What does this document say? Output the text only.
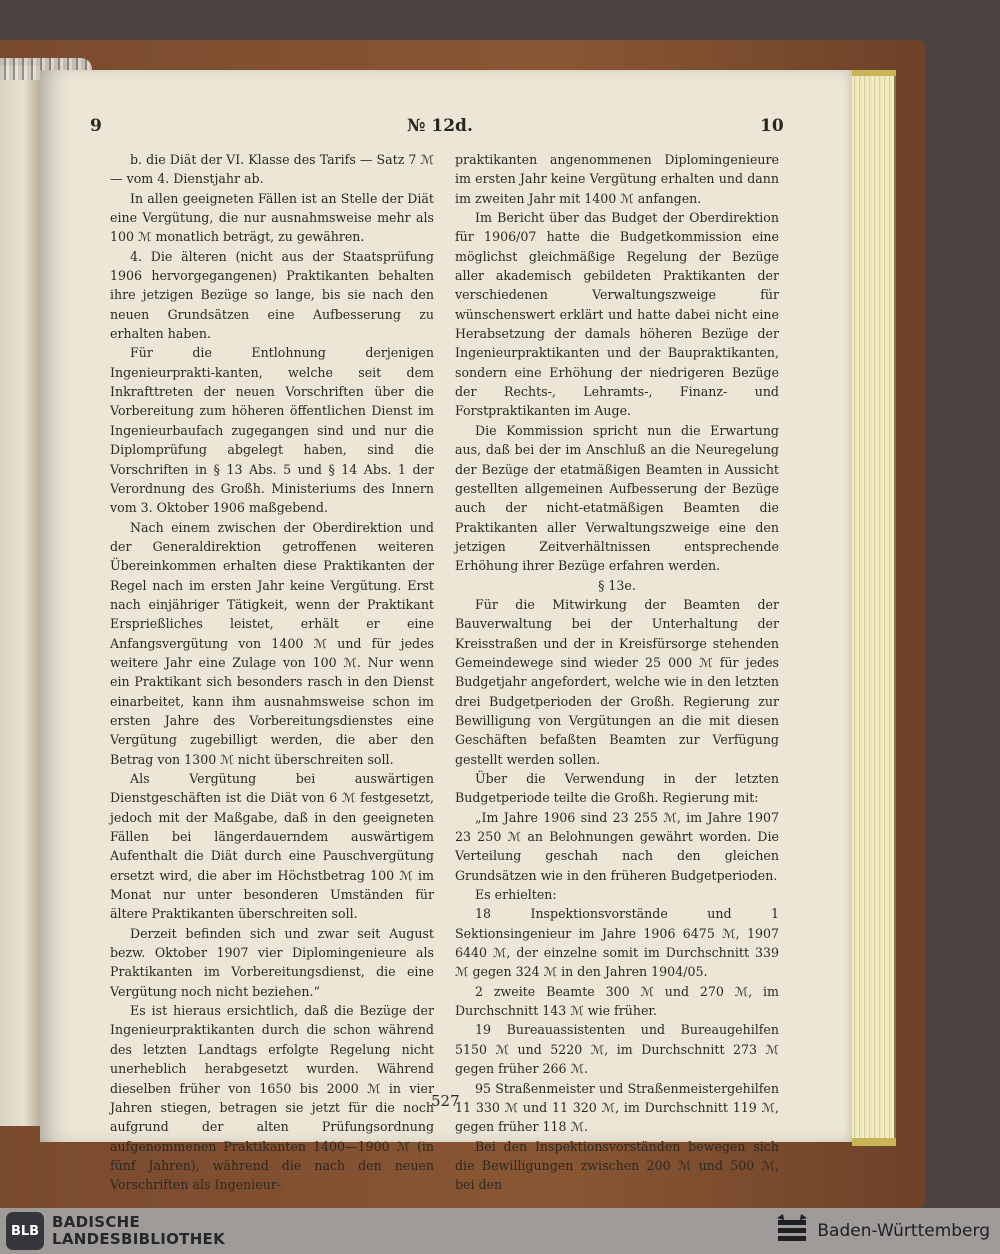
9	№ 12d.	10

b. die Diät der VI. Klasse des Tarifs — Satz 7 ℳ — vom 4. Dienstjahr ab.

In allen geeigneten Fällen ist an Stelle der Diät eine Vergütung, die nur ausnahmsweise mehr als 100 ℳ monatlich beträgt, zu gewähren.

4. Die älteren (nicht aus der Staatsprüfung 1906 hervorgegangenen) Praktikanten behalten ihre jetzigen Bezüge so lange, bis sie nach den neuen Grundsätzen eine Aufbesserung zu erhalten haben.

Für die Entlohnung derjenigen Ingenieurprakti-kanten, welche seit dem Inkrafttreten der neuen Vorschriften über die Vorbereitung zum höheren öffentlichen Dienst im Ingenieurbaufach zugegangen sind und nur die Diplomprüfung abgelegt haben, sind die Vorschriften in § 13 Abs. 5 und § 14 Abs. 1 der Verordnung des Großh. Ministeriums des Innern vom 3. Oktober 1906 maßgebend.

Nach einem zwischen der Oberdirektion und der Generaldirektion getroffenen weiteren Übereinkommen erhalten diese Praktikanten der Regel nach im ersten Jahr keine Vergütung. Erst nach einjähriger Tätigkeit, wenn der Praktikant Ersprießliches leistet, erhält er eine Anfangsvergütung von 1400 ℳ und für jedes weitere Jahr eine Zulage von 100 ℳ. Nur wenn ein Praktikant sich besonders rasch in den Dienst einarbeitet, kann ihm ausnahmsweise schon im ersten Jahre des Vorbereitungsdienstes eine Vergütung zugebilligt werden, die aber den Betrag von 1300 ℳ nicht überschreiten soll.

Als Vergütung bei auswärtigen Dienstgeschäften ist die Diät von 6 ℳ festgesetzt, jedoch mit der Maßgabe, daß in den geeigneten Fällen bei längerdauerndem auswärtigem Aufenthalt die Diät durch eine Pauschvergütung ersetzt wird, die aber im Höchstbetrag 100 ℳ im Monat nur unter besonderen Umständen für ältere Praktikanten überschreiten soll.

Derzeit befinden sich und zwar seit August bezw. Oktober 1907 vier Diplomingenieure als Praktikanten im Vorbereitungsdienst, die eine Vergütung noch nicht beziehen.“

Es ist hieraus ersichtlich, daß die Bezüge der Ingenieurpraktikanten durch die schon während des letzten Landtags erfolgte Regelung nicht unerheblich herabgesetzt wurden. Während dieselben früher von 1650 bis 2000 ℳ in vier Jahren stiegen, betragen sie jetzt für die noch aufgrund der alten Prüfungsordnung aufgenommenen Praktikanten 1400—1900 ℳ (in fünf Jahren), während die nach den neuen Vorschriften als Ingenieur-

praktikanten angenommenen Diplomingenieure im ersten Jahr keine Vergütung erhalten und dann im zweiten Jahr mit 1400 ℳ anfangen.

Im Bericht über das Budget der Oberdirektion für 1906/07 hatte die Budgetkommission eine möglichst gleichmäßige Regelung der Bezüge aller akademisch gebildeten Praktikanten der verschiedenen Verwaltungszweige für wünschenswert erklärt und hatte dabei nicht eine Herabsetzung der damals höheren Bezüge der Ingenieurpraktikanten und der Baupraktikanten, sondern eine Erhöhung der niedrigeren Bezüge der Rechts-, Lehramts-, Finanz- und Forstpraktikanten im Auge.

Die Kommission spricht nun die Erwartung aus, daß bei der im Anschluß an die Neuregelung der Bezüge der etatmäßigen Beamten in Aussicht gestellten allgemeinen Aufbesserung der Bezüge auch der nicht-etatmäßigen Beamten die Praktikanten aller Verwaltungszweige eine den jetzigen Zeitverhältnissen entsprechende Erhöhung ihrer Bezüge erfahren werden.

§ 13e.

Für die Mitwirkung der Beamten der Bauverwaltung bei der Unterhaltung der Kreisstraßen und der in Kreisfürsorge stehenden Gemeindewege sind wieder 25 000 ℳ für jedes Budgetjahr angefordert, welche wie in den letzten drei Budgetperioden der Großh. Regierung zur Bewilligung von Vergütungen an die mit diesen Geschäften befaßten Beamten zur Verfügung gestellt werden sollen.

Über die Verwendung in der letzten Budgetperiode teilte die Großh. Regierung mit:

„Im Jahre 1906 sind 23 255 ℳ, im Jahre 1907 23 250 ℳ an Belohnungen gewährt worden. Die Verteilung geschah nach den gleichen Grundsätzen wie in den früheren Budgetperioden.

Es erhielten:

18 Inspektionsvorstände und 1 Sektionsingenieur im Jahre 1906 6475 ℳ, 1907 6440 ℳ, der einzelne somit im Durchschnitt 339 ℳ gegen 324 ℳ in den Jahren 1904/05.

2 zweite Beamte 300 ℳ und 270 ℳ, im Durchschnitt 143 ℳ wie früher.

19 Bureauassistenten und Bureaugehilfen 5150 ℳ und 5220 ℳ, im Durchschnitt 273 ℳ gegen früher 266 ℳ.

95 Straßenmeister und Straßenmeistergehilfen 11 330 ℳ und 11 320 ℳ, im Durchschnitt 119 ℳ, gegen früher 118 ℳ.

Bei den Inspektionsvorständen bewegen sich die Bewilligungen zwischen 200 ℳ und 500 ℳ, bei den

527
BLB BADISCHE
LANDESBIBLIOTHEK	Baden-Württemberg
